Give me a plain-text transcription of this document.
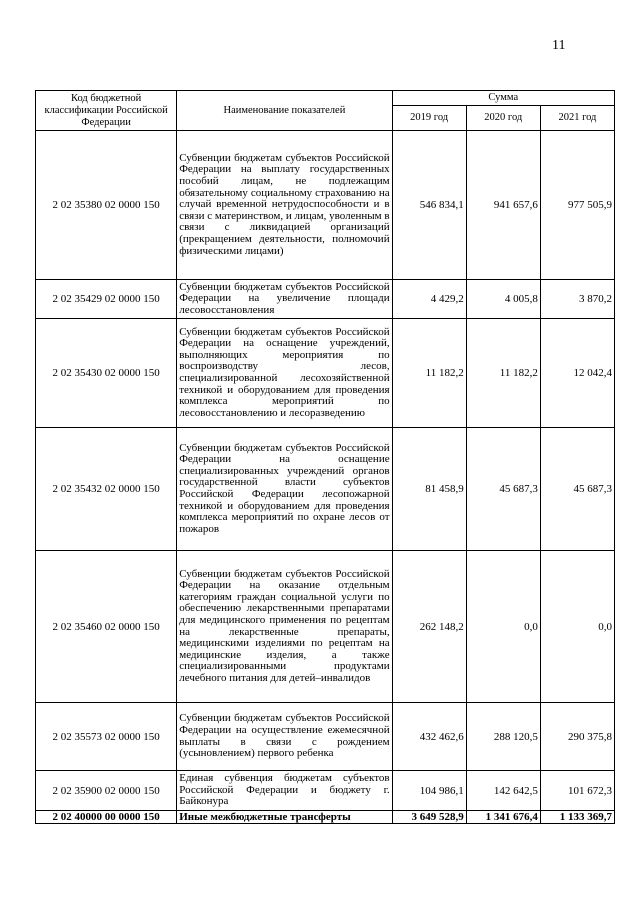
11
Код бюджетной классификации Российской Федерации	Наименование показателей	Сумма		
		2019 год	2020 год	2021 год
2 02 35380 02 0000 150	Субвенции бюджетам субъектов Российской Федерации на выплату государственных пособий лицам, не подлежащим обязательному социальному страхованию на случай временной нетрудоспособности и в связи с материнством, и лицам, уволенным в связи с ликвидацией организаций (прекращением деятельности, полномочий физическими лицами)	546 834,1	941 657,6	977 505,9
2 02 35429 02 0000 150	Субвенции бюджетам субъектов Российской Федерации на увеличение площади лесовосстановления	4 429,2	4 005,8	3 870,2
2 02 35430 02 0000 150	Субвенции бюджетам субъектов Российской Федерации на оснащение учреждений, выполняющих мероприятия по воспроизводству лесов, специализированной лесохозяйственной техникой и оборудованием для проведения комплекса мероприятий по лесовосстановлению и лесоразведению	11 182,2	11 182,2	12 042,4
2 02 35432 02 0000 150	Субвенции бюджетам субъектов Российской Федерации на оснащение специализированных учреждений органов государственной власти субъектов Российской Федерации лесопожарной техникой и оборудованием для проведения комплекса мероприятий по охране лесов от пожаров	81 458,9	45 687,3	45 687,3
2 02 35460 02 0000 150	Субвенции бюджетам субъектов Российской Федерации на оказание отдельным категориям граждан социальной услуги по обеспечению лекарственными препаратами для медицинского применения по рецептам на лекарственные препараты, медицинскими изделиями по рецептам на медицинские изделия, а также специализированными продуктами лечебного питания для детей–инвалидов	262 148,2	0,0	0,0
2 02 35573 02 0000 150	Субвенции бюджетам субъектов Российской Федерации на осуществление ежемесячной выплаты в связи с рождением (усыновлением) первого ребенка	432 462,6	288 120,5	290 375,8
2 02 35900 02 0000 150	Единая субвенция бюджетам субъектов Российской Федерации и бюджету г. Байконура	104 986,1	142 642,5	101 672,3
2 02 40000 00 0000 150	Иные межбюджетные трансферты	3 649 528,9	1 341 676,4	1 133 369,7
